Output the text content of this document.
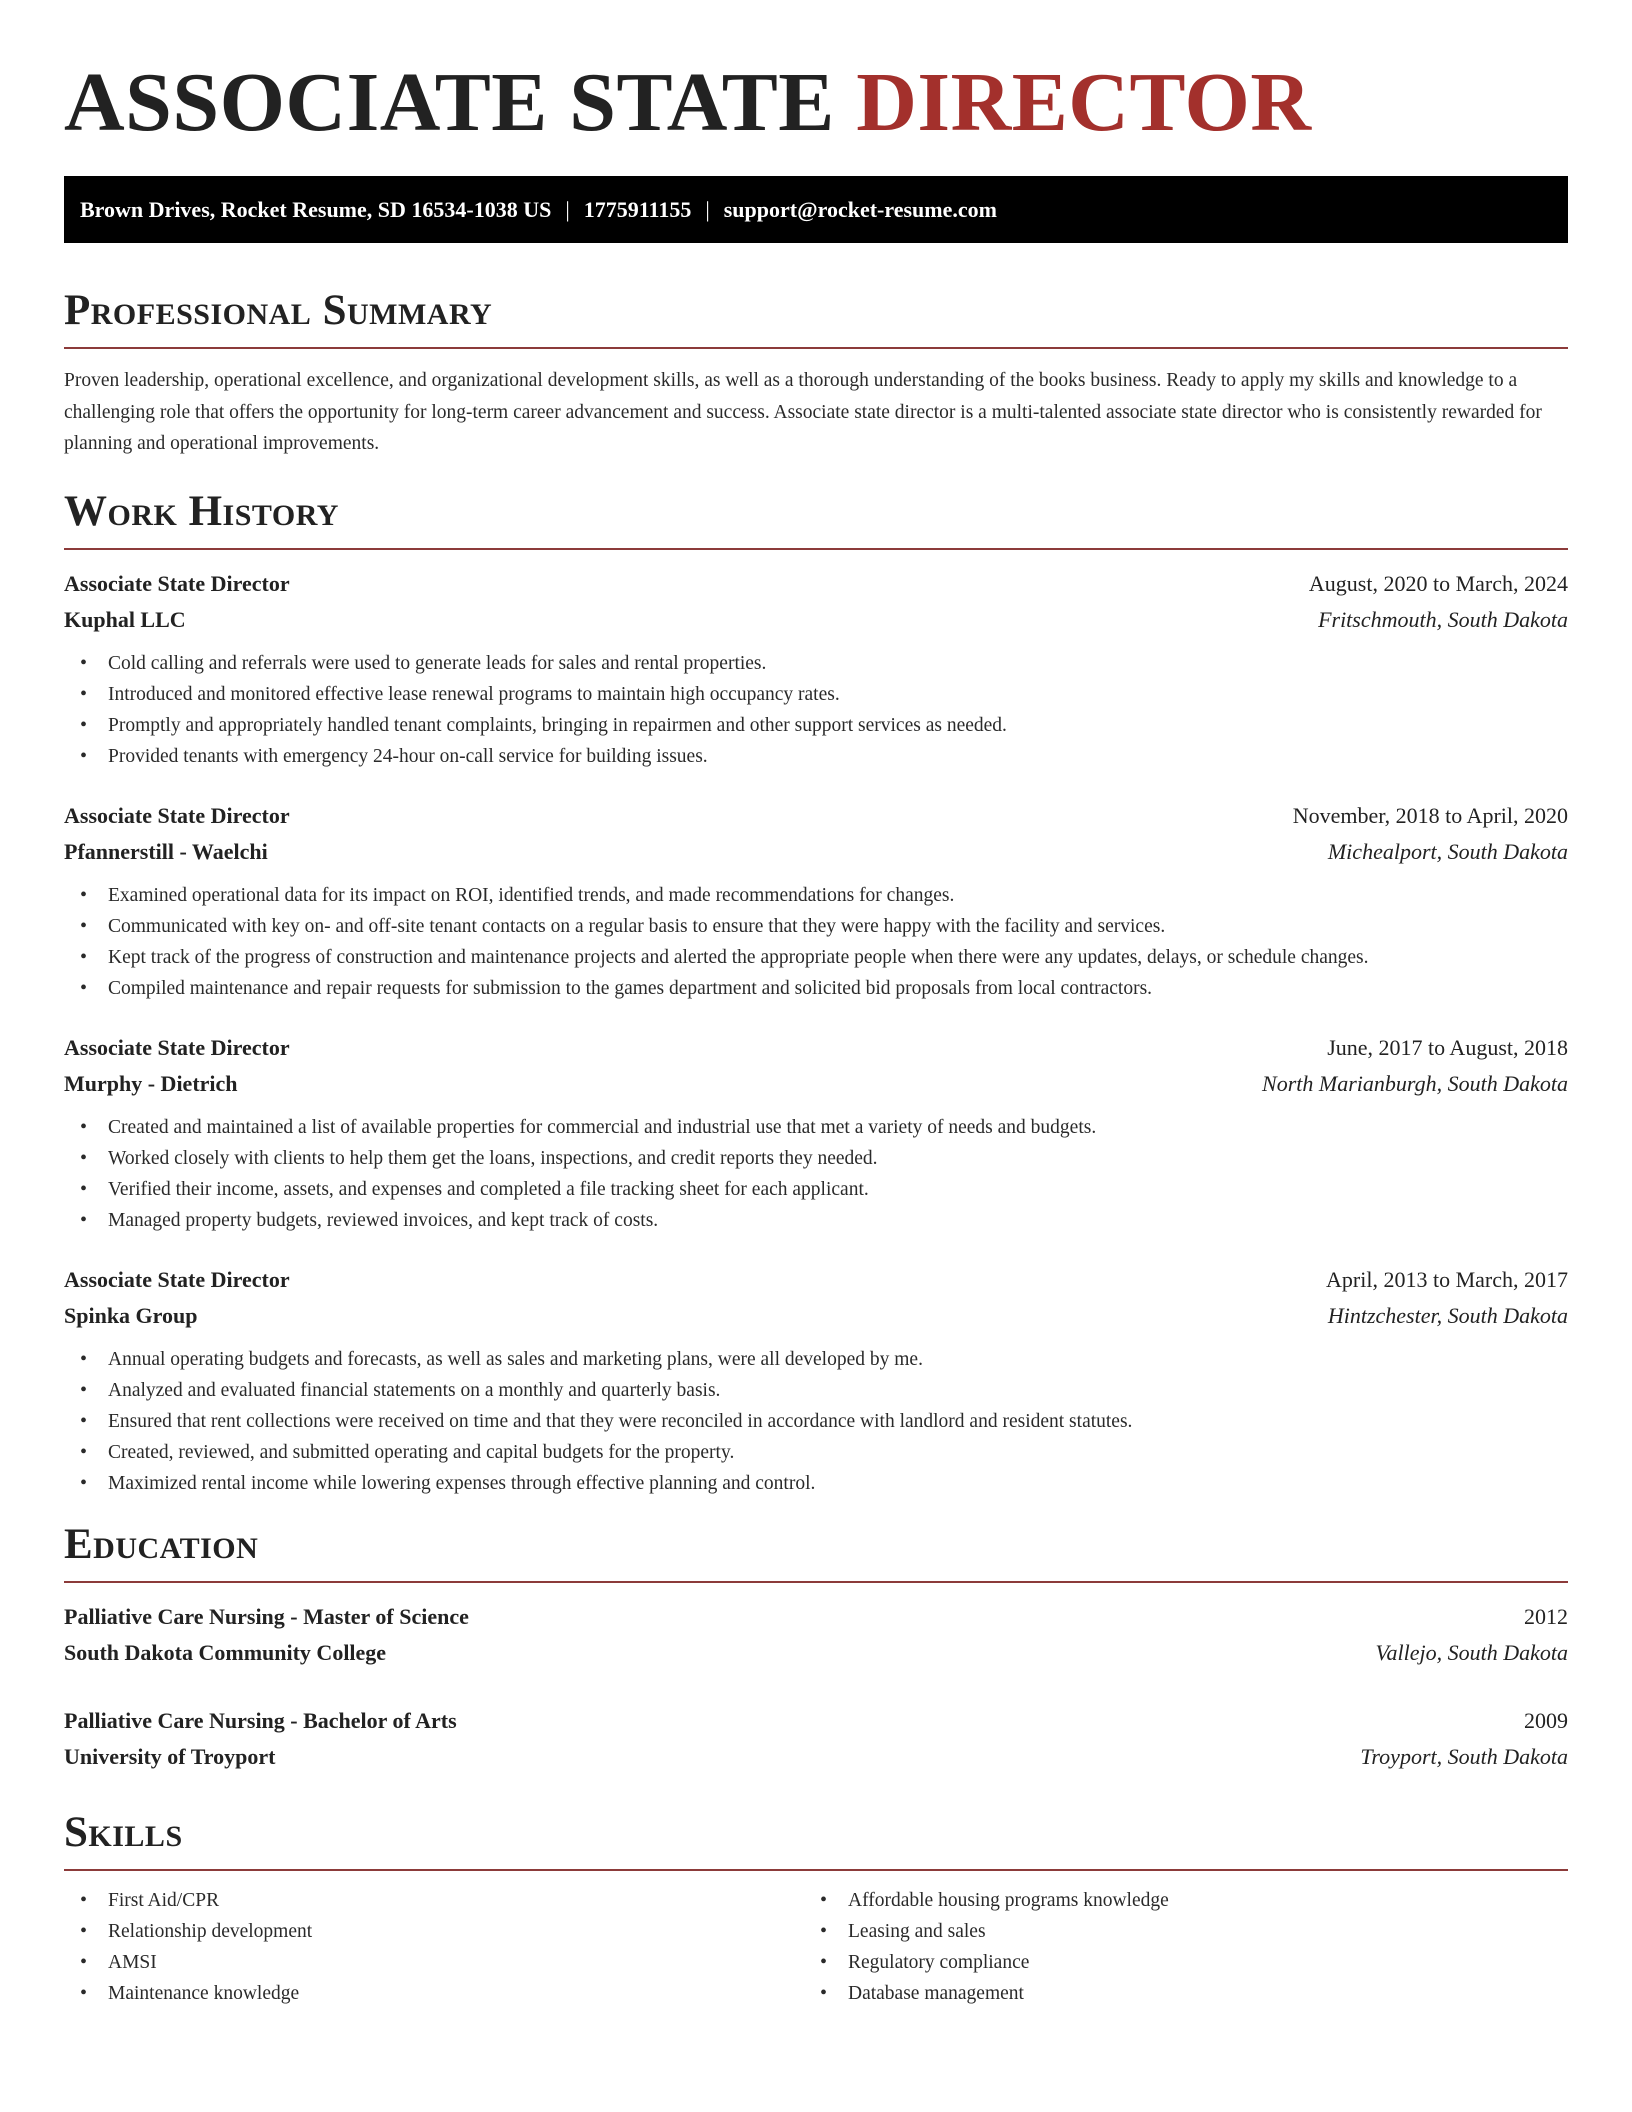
ASSOCIATE STATE DIRECTOR
Brown Drives, Rocket Resume, SD 16534-1038 US | 1775911155 | support@rocket-resume.com
Professional Summary
Proven leadership, operational excellence, and organizational development skills, as well as a thorough understanding of the books business. Ready to apply my skills and knowledge to a challenging role that offers the opportunity for long-term career advancement and success. Associate state director is a multi-talented associate state director who is consistently rewarded for planning and operational improvements.
Work History
Associate State Director	August, 2020 to March, 2024
Kuphal LLC	Fritschmouth, South Dakota
• Cold calling and referrals were used to generate leads for sales and rental properties.
• Introduced and monitored effective lease renewal programs to maintain high occupancy rates.
• Promptly and appropriately handled tenant complaints, bringing in repairmen and other support services as needed.
• Provided tenants with emergency 24-hour on-call service for building issues.
Associate State Director	November, 2018 to April, 2020
Pfannerstill - Waelchi	Michealport, South Dakota
• Examined operational data for its impact on ROI, identified trends, and made recommendations for changes.
• Communicated with key on- and off-site tenant contacts on a regular basis to ensure that they were happy with the facility and services.
• Kept track of the progress of construction and maintenance projects and alerted the appropriate people when there were any updates, delays, or schedule changes.
• Compiled maintenance and repair requests for submission to the games department and solicited bid proposals from local contractors.
Associate State Director	June, 2017 to August, 2018
Murphy - Dietrich	North Marianburgh, South Dakota
• Created and maintained a list of available properties for commercial and industrial use that met a variety of needs and budgets.
• Worked closely with clients to help them get the loans, inspections, and credit reports they needed.
• Verified their income, assets, and expenses and completed a file tracking sheet for each applicant.
• Managed property budgets, reviewed invoices, and kept track of costs.
Associate State Director	April, 2013 to March, 2017
Spinka Group	Hintzchester, South Dakota
• Annual operating budgets and forecasts, as well as sales and marketing plans, were all developed by me.
• Analyzed and evaluated financial statements on a monthly and quarterly basis.
• Ensured that rent collections were received on time and that they were reconciled in accordance with landlord and resident statutes.
• Created, reviewed, and submitted operating and capital budgets for the property.
• Maximized rental income while lowering expenses through effective planning and control.
Education
Palliative Care Nursing - Master of Science	2012
South Dakota Community College	Vallejo, South Dakota
Palliative Care Nursing - Bachelor of Arts	2009
University of Troyport	Troyport, South Dakota
Skills
• First Aid/CPR
• Relationship development
• AMSI
• Maintenance knowledge
• Affordable housing programs knowledge
• Leasing and sales
• Regulatory compliance
• Database management
